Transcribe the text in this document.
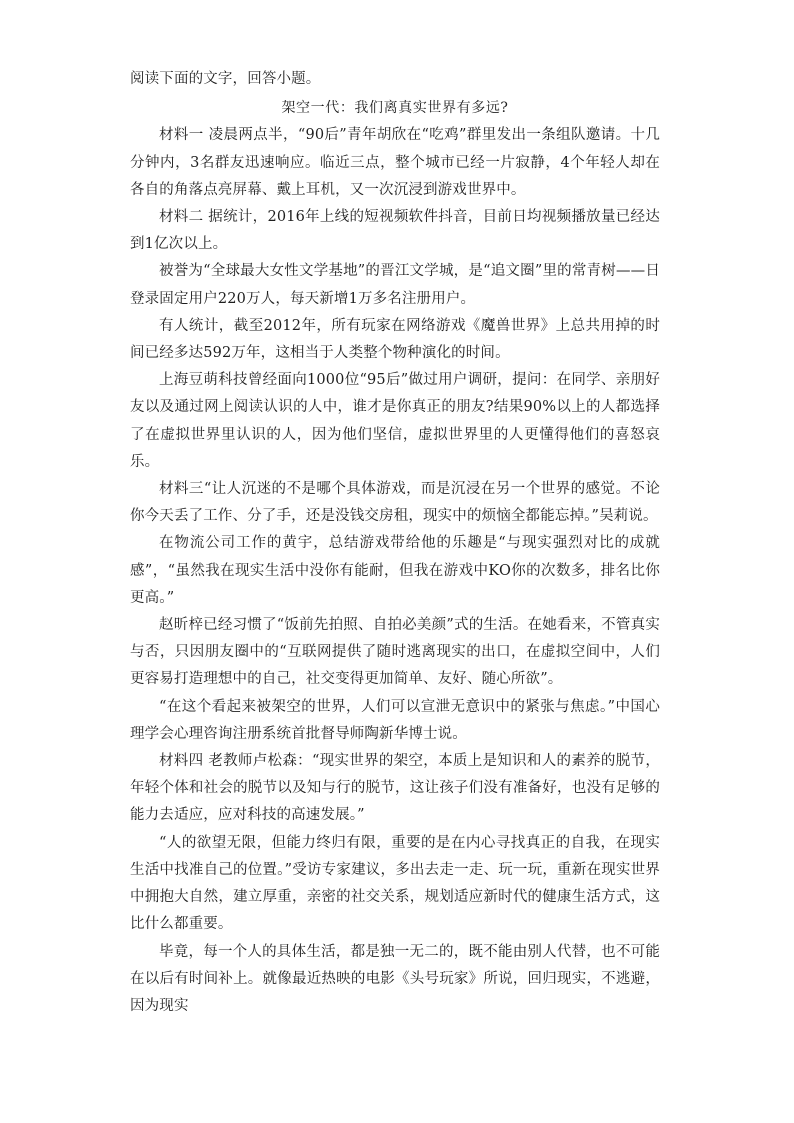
阅读下面的文字，回答小题。

架空一代：我们离真实世界有多远?

材料一 凌晨两点半，“90后”青年胡欣在“吃鸡”群里发出一条组队邀请。十几分钟内，3名群友迅速响应。临近三点，整个城市已经一片寂静，4个年轻人却在各自的角落点亮屏幕、戴上耳机，又一次沉浸到游戏世界中。

材料二 据统计，2016年上线的短视频软件抖音，目前日均视频播放量已经达到1亿次以上。

被誉为“全球最大女性文学基地”的晋江文学城，是“追文圈”里的常青树——日登录固定用户220万人，每天新增1万多名注册用户。

有人统计，截至2012年，所有玩家在网络游戏《魔兽世界》上总共用掉的时间已经多达592万年，这相当于人类整个物种演化的时间。

上海豆萌科技曾经面向1000位“95后”做过用户调研，提问：在同学、亲朋好友以及通过网上阅读认识的人中，谁才是你真正的朋友?结果90%以上的人都选择了在虚拟世界里认识的人，因为他们坚信，虚拟世界里的人更懂得他们的喜怒哀乐。

材料三“让人沉迷的不是哪个具体游戏，而是沉浸在另一个世界的感觉。不论你今天丢了工作、分了手，还是没钱交房租，现实中的烦恼全都能忘掉。”吴莉说。

在物流公司工作的黄宇，总结游戏带给他的乐趣是“与现实强烈对比的成就感”，“虽然我在现实生活中没你有能耐，但我在游戏中KO你的次数多，排名比你更高。”

赵昕梓已经习惯了“饭前先拍照、自拍必美颜”式的生活。在她看来，不管真实与否，只因朋友圈中的“互联网提供了随时逃离现实的出口，在虚拟空间中，人们更容易打造理想中的自己，社交变得更加简单、友好、随心所欲”。

“在这个看起来被架空的世界，人们可以宣泄无意识中的紧张与焦虑。”中国心理学会心理咨询注册系统首批督导师陶新华博士说。

材料四 老教师卢松森：“现实世界的架空，本质上是知识和人的素养的脱节，年轻个体和社会的脱节以及知与行的脱节，这让孩子们没有准备好，也没有足够的能力去适应，应对科技的高速发展。”

“人的欲望无限，但能力终归有限，重要的是在内心寻找真正的自我，在现实生活中找准自己的位置。”受访专家建议，多出去走一走、玩一玩，重新在现实世界中拥抱大自然，建立厚重，亲密的社交关系，规划适应新时代的健康生活方式，这比什么都重要。

毕竟，每一个人的具体生活，都是独一无二的，既不能由别人代替，也不可能在以后有时间补上。就像最近热映的电影《头号玩家》所说，回归现实，不逃避，因为现实
